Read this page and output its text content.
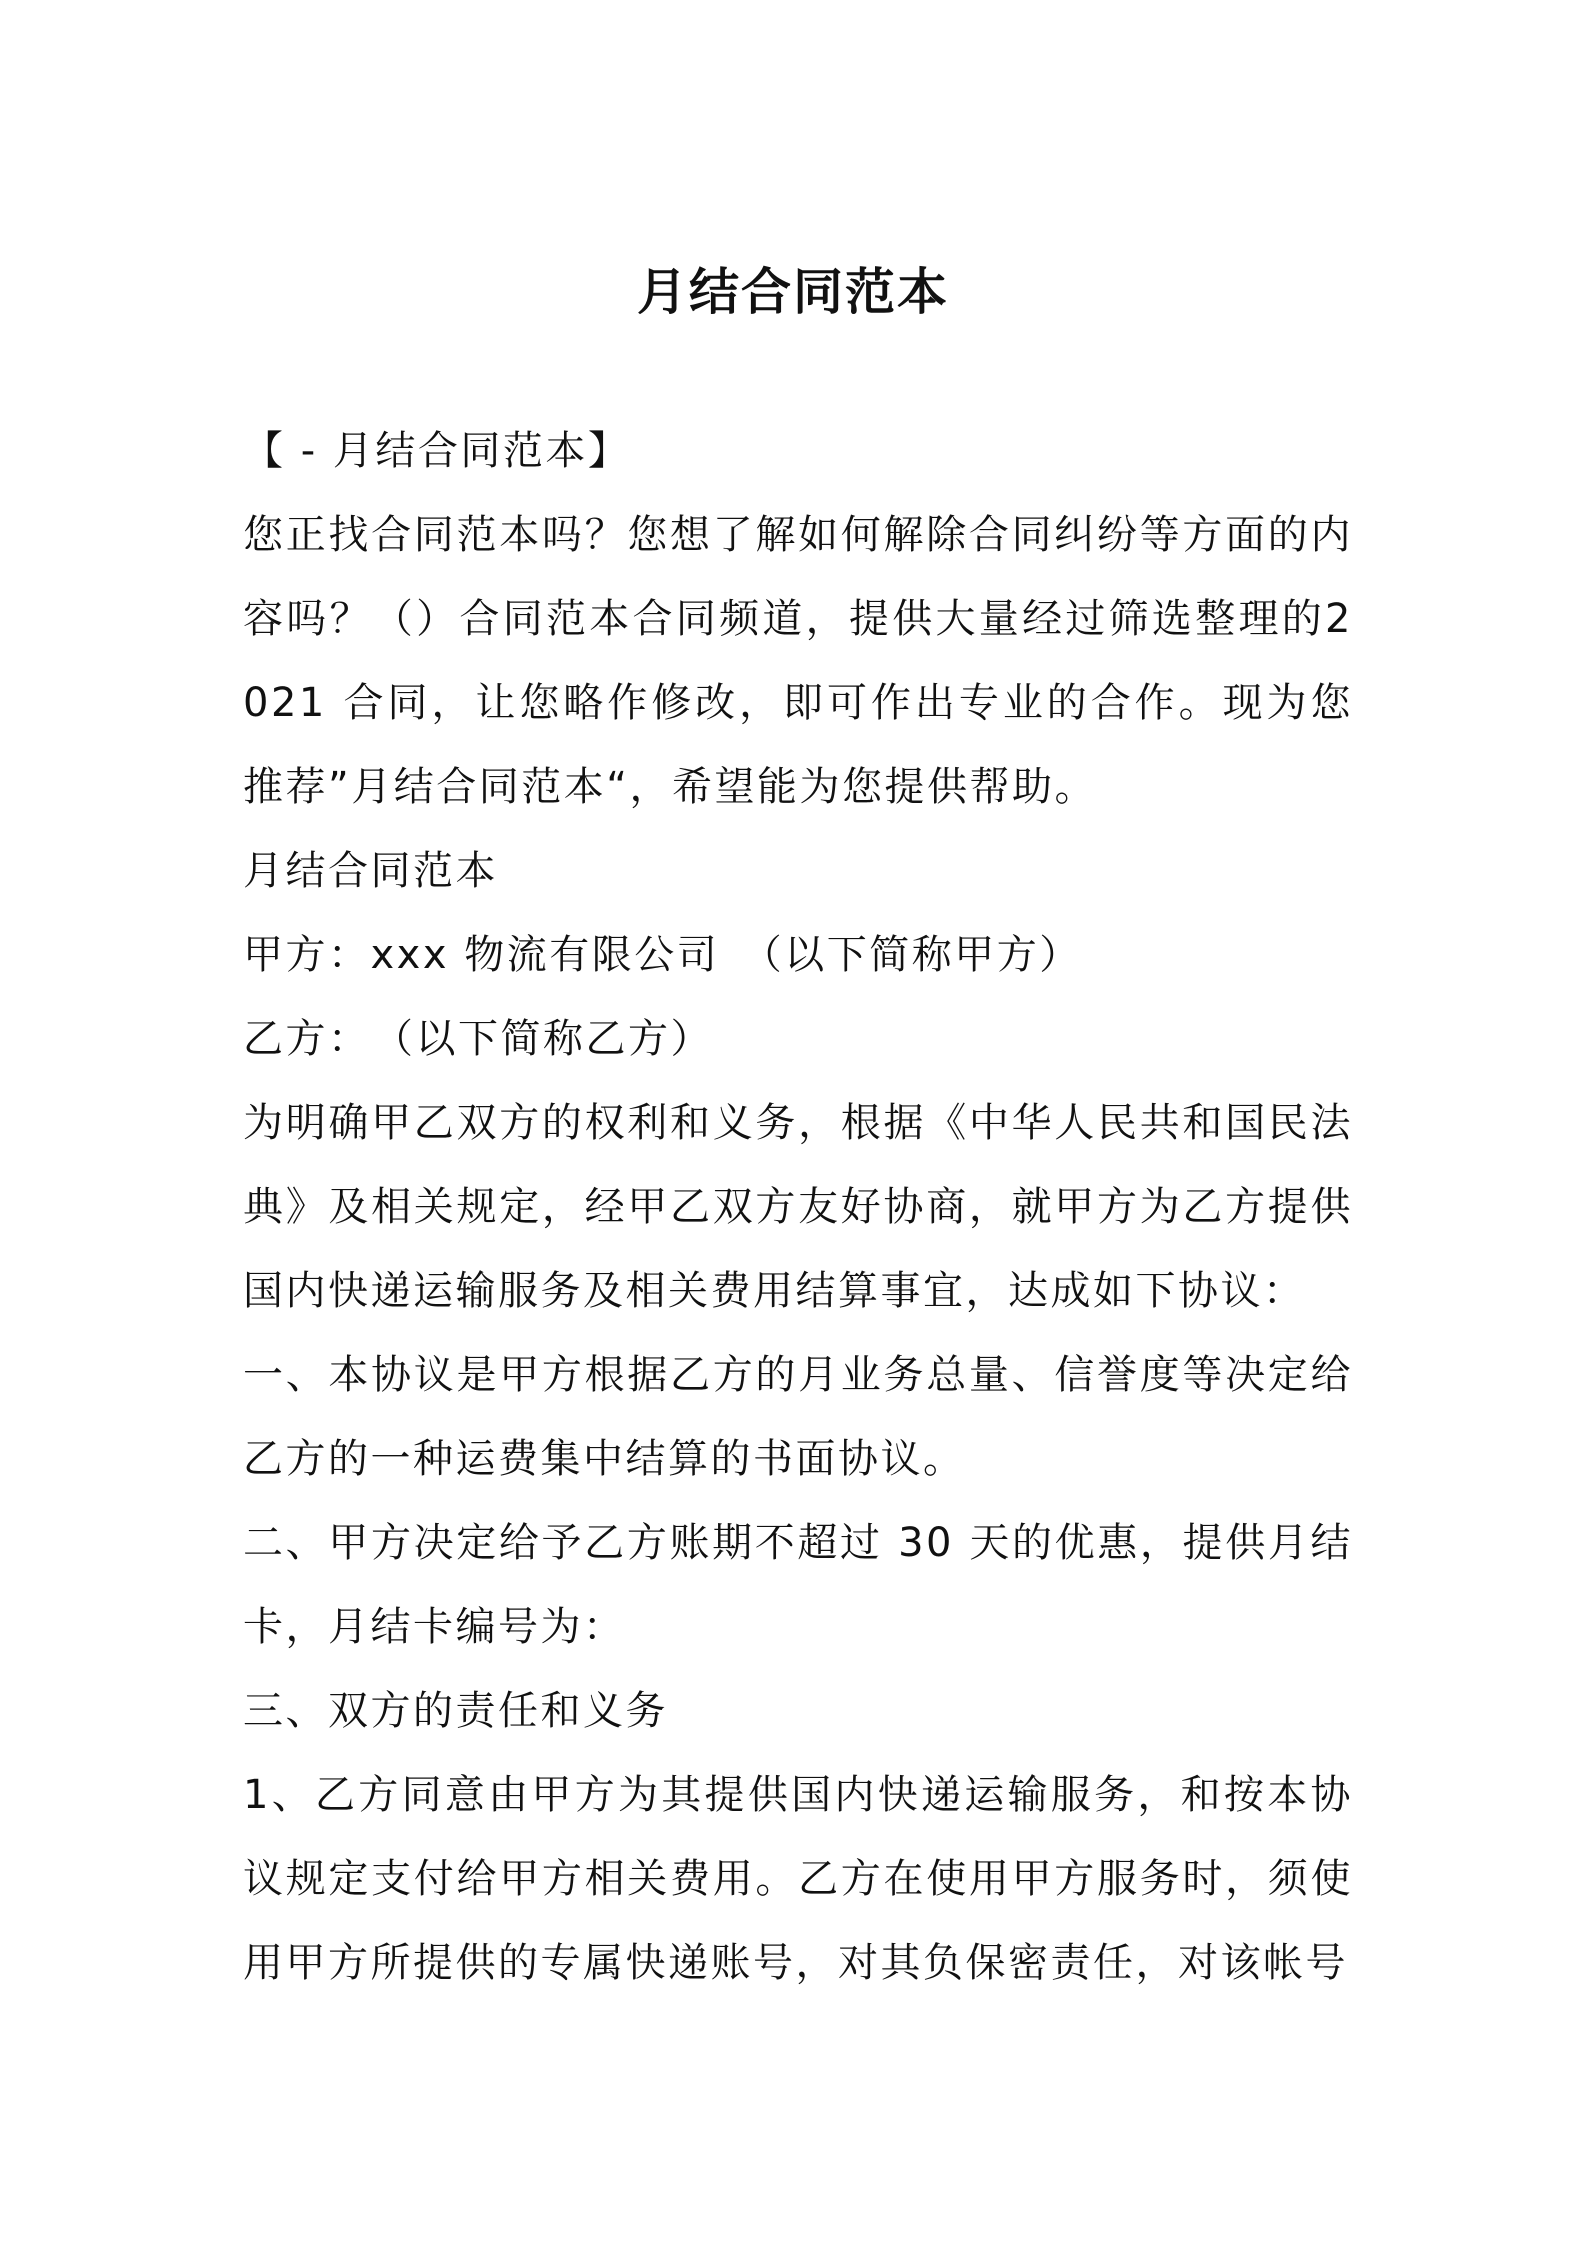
月结合同范本

【 - 月结合同范本】

您正找合同范本吗？您想了解如何解除合同纠纷等方面的内容吗？（）合同范本合同频道，提供大量经过筛选整理的2021 合同，让您略作修改，即可作出专业的合作。现为您推荐”月结合同范本“，希望能为您提供帮助。

月结合同范本

甲方：xxx 物流有限公司　（以下简称甲方）

乙方：　（以下简称乙方）

为明确甲乙双方的权利和义务，根据《中华人民共和国民法典》及相关规定，经甲乙双方友好协商，就甲方为乙方提供国内快递运输服务及相关费用结算事宜，达成如下协议：

一、本协议是甲方根据乙方的月业务总量、信誉度等决定给乙方的一种运费集中结算的书面协议。

二、甲方决定给予乙方账期不超过 30 天的优惠，提供月结卡，月结卡编号为：

三、双方的责任和义务

1、乙方同意由甲方为其提供国内快递运输服务，和按本协议规定支付给甲方相关费用。乙方在使用甲方服务时，须使用甲方所提供的专属快递账号，对其负保密责任，对该帐号
